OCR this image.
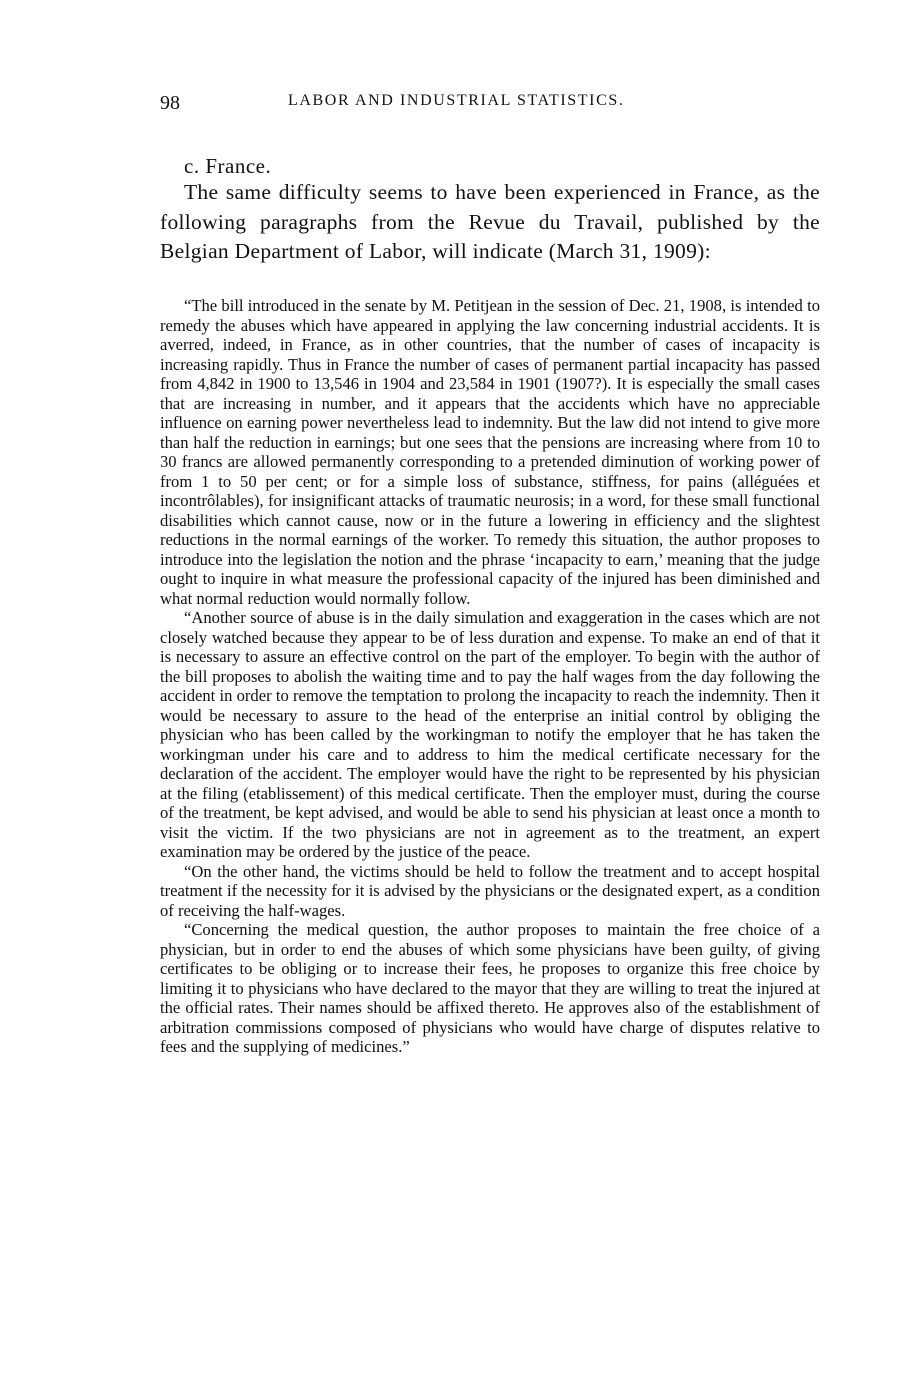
98	LABOR AND INDUSTRIAL STATISTICS.
c. France.

The same difficulty seems to have been experienced in France, as the following paragraphs from the Revue du Travail, published by the Belgian Department of Labor, will indicate (March 31, 1909):

“The bill introduced in the senate by M. Petitjean in the session of Dec. 21, 1908, is intended to remedy the abuses which have appeared in applying the law concerning industrial accidents. It is averred, indeed, in France, as in other countries, that the number of cases of incapacity is increasing rapidly. Thus in France the number of cases of permanent partial incapacity has passed from 4,842 in 1900 to 13,546 in 1904 and 23,584 in 1901 (1907?). It is especially the small cases that are increasing in number, and it appears that the accidents which have no appreciable influence on earning power nevertheless lead to indemnity. But the law did not intend to give more than half the reduction in earnings; but one sees that the pensions are increasing where from 10 to 30 francs are allowed permanently corresponding to a pretended diminution of working power of from 1 to 50 per cent; or for a simple loss of substance, stiffness, for pains (alléguées et incontrôlables), for insignificant attacks of traumatic neurosis; in a word, for these small functional disabilities which cannot cause, now or in the future a lowering in efficiency and the slightest reductions in the normal earnings of the worker. To remedy this situation, the author proposes to introduce into the legislation the notion and the phrase ‘incapacity to earn,’ meaning that the judge ought to inquire in what measure the professional capacity of the injured has been diminished and what normal reduction would normally follow.

“Another source of abuse is in the daily simulation and exaggeration in the cases which are not closely watched because they appear to be of less duration and expense. To make an end of that it is necessary to assure an effective control on the part of the employer. To begin with the author of the bill proposes to abolish the waiting time and to pay the half wages from the day following the accident in order to remove the temptation to prolong the incapacity to reach the indemnity. Then it would be necessary to assure to the head of the enterprise an initial control by obliging the physician who has been called by the workingman to notify the employer that he has taken the workingman under his care and to address to him the medical certificate necessary for the declaration of the accident. The employer would have the right to be represented by his physician at the filing (etablissement) of this medical certificate. Then the employer must, during the course of the treatment, be kept advised, and would be able to send his physician at least once a month to visit the victim. If the two physicians are not in agreement as to the treatment, an expert examination may be ordered by the justice of the peace.

“On the other hand, the victims should be held to follow the treatment and to accept hospital treatment if the necessity for it is advised by the physicians or the designated expert, as a condition of receiving the half-wages.

“Concerning the medical question, the author proposes to maintain the free choice of a physician, but in order to end the abuses of which some physicians have been guilty, of giving certificates to be obliging or to increase their fees, he proposes to organize this free choice by limiting it to physicians who have declared to the mayor that they are willing to treat the injured at the official rates. Their names should be affixed thereto. He approves also of the establishment of arbitration commissions composed of physicians who would have charge of disputes relative to fees and the supplying of medicines.”
